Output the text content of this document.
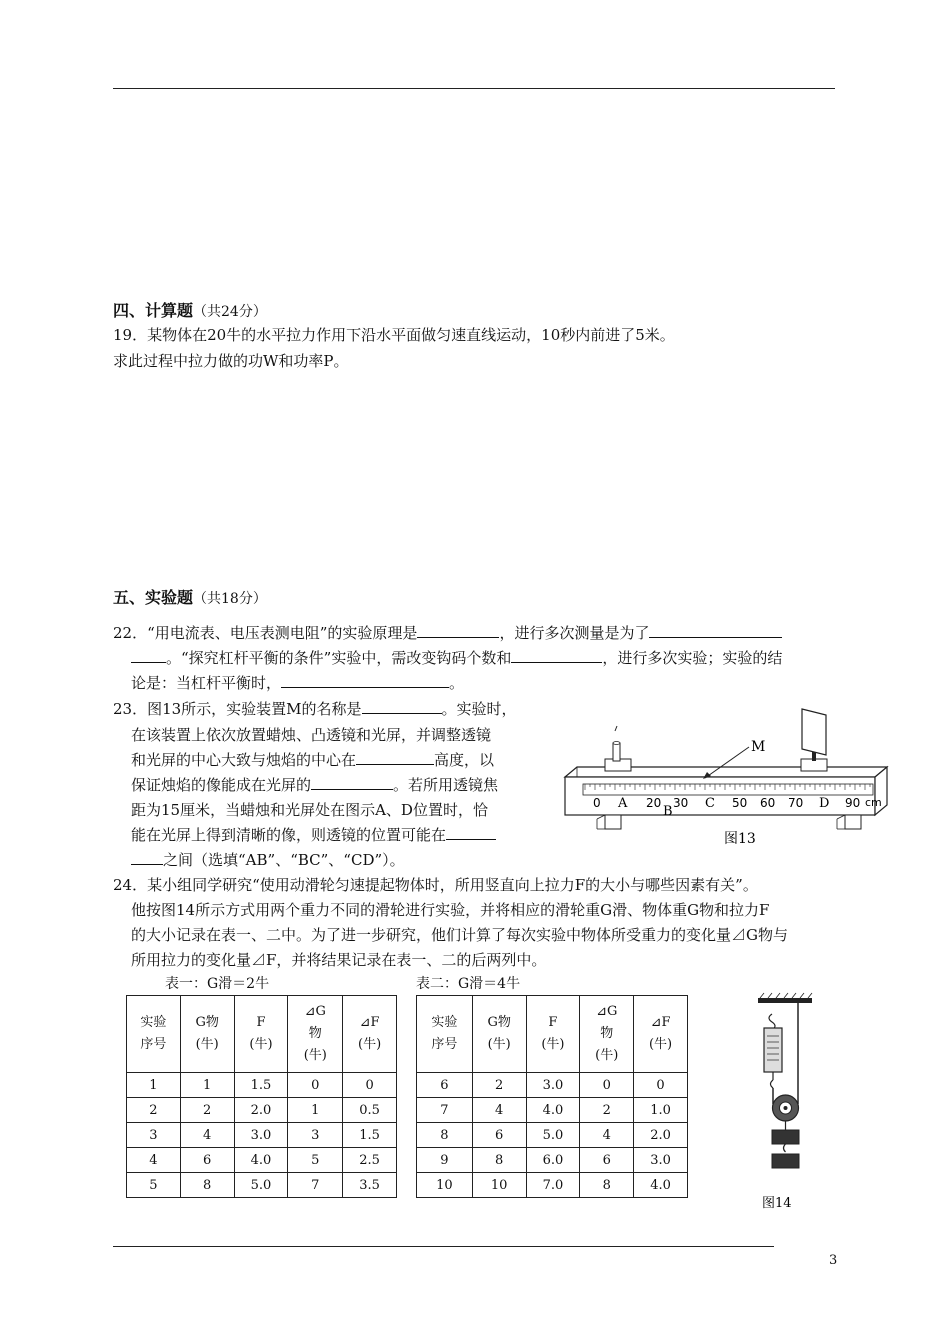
四、计算题（共24分）
19．某物体在20牛的水平拉力作用下沿水平面做匀速直线运动，10秒内前进了5米。
求此过程中拉力做的功W和功率P。
五、实验题（共18分）
22．“用电流表、电压表测电阻”的实验原理是	，进行多次测量是为了
。“探究杠杆平衡的条件”实验中，需改变钩码个数和	，进行多次实验；实验的结
论是：当杠杆平衡时，	。
23．图13所示，实验装置M的名称是	。实验时，
在该装置上依次放置蜡烛、凸透镜和光屏，并调整透镜
和光屏的中心大致与烛焰的中心在	高度，以
保证烛焰的像能成在光屏的	。若所用透镜焦
距为15厘米，当蜡烛和光屏处在图示A、D位置时，恰
能在光屏上得到清晰的像，则透镜的位置可能在
之间（选填“AB”、“BC”、“CD”）。
0	20 30	50 60 70	90 cm
A
B
C	D
M
图13
24．某小组同学研究“使用动滑轮匀速提起物体时，所用竖直向上拉力F的大小与哪些因素有关”。
他按图14所示方式用两个重力不同的滑轮进行实验，并将相应的滑轮重G滑、物体重G物和拉力F
的大小记录在表一、二中。为了进一步研究，他们计算了每次实验中物体所受重力的变化量⊿G物与
所用拉力的变化量⊿F，并将结果记录在表一、二的后两列中。
表一：G滑＝2牛	表二：G滑＝4牛
实验
序号	G物
(牛)	F
(牛)	⊿G
物
(牛)	⊿F
(牛)
1	1	1.5	0	0
2	2	2.0	1	0.5
3	4	3.0	3	1.5
4	6	4.0	5	2.5
5	8	5.0	7	3.5
实验
序号	G物
(牛)	F
(牛)	⊿G
物
(牛)	⊿F
(牛)
6	2	3.0	0	0
7	4	4.0	2	1.0
8	6	5.0	4	2.0
9	8	6.0	6	3.0
10	10	7.0	8	4.0
图14
3
